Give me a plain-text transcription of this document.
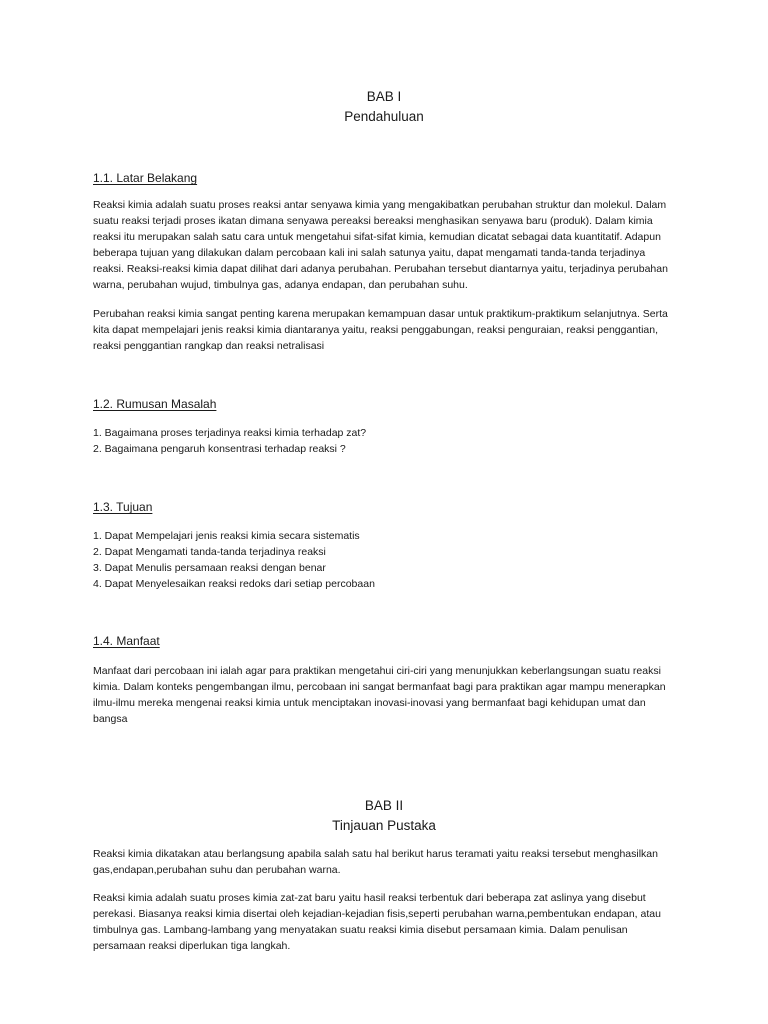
BAB I
Pendahuluan
1.1. Latar Belakang

Reaksi kimia adalah suatu proses reaksi antar senyawa kimia yang mengakibatkan perubahan struktur dan molekul. Dalam suatu reaksi terjadi proses ikatan dimana senyawa pereaksi bereaksi menghasikan senyawa baru (produk). Dalam kimia reaksi itu merupakan salah satu cara untuk mengetahui sifat-sifat kimia, kemudian dicatat sebagai data kuantitatif. Adapun beberapa tujuan yang dilakukan dalam percobaan kali ini salah satunya yaitu, dapat mengamati tanda-tanda terjadinya reaksi. Reaksi-reaksi kimia dapat dilihat dari adanya perubahan. Perubahan tersebut diantarnya yaitu, terjadinya perubahan warna, perubahan wujud, timbulnya gas, adanya endapan, dan perubahan suhu.

Perubahan reaksi kimia sangat penting karena merupakan kemampuan dasar untuk praktikum-praktikum selanjutnya. Serta kita dapat mempelajari jenis reaksi kimia diantaranya yaitu, reaksi penggabungan, reaksi penguraian, reaksi penggantian, reaksi penggantian rangkap dan reaksi netralisasi

1.2. Rumusan Masalah
1. Bagaimana proses terjadinya reaksi kimia terhadap zat?
2. Bagaimana pengaruh konsentrasi terhadap reaksi ?
1.3. Tujuan
1. Dapat Mempelajari jenis reaksi kimia secara sistematis
2. Dapat Mengamati tanda-tanda terjadinya reaksi
3. Dapat Menulis persamaan reaksi dengan benar
4. Dapat Menyelesaikan reaksi redoks dari setiap percobaan
1.4. Manfaat

Manfaat dari percobaan ini ialah agar para praktikan mengetahui ciri-ciri yang menunjukkan keberlangsungan suatu reaksi kimia. Dalam konteks pengembangan ilmu, percobaan ini sangat bermanfaat bagi para praktikan agar mampu menerapkan ilmu-ilmu mereka mengenai reaksi kimia untuk menciptakan inovasi-inovasi yang bermanfaat bagi kehidupan umat dan bangsa

BAB II
Tinjauan Pustaka

Reaksi kimia dikatakan atau berlangsung apabila salah satu hal berikut harus teramati yaitu reaksi tersebut menghasilkan gas,endapan,perubahan suhu dan perubahan warna.

Reaksi kimia adalah suatu proses kimia zat-zat baru yaitu hasil reaksi terbentuk dari beberapa zat aslinya yang disebut perekasi. Biasanya reaksi kimia disertai oleh kejadian-kejadian fisis,seperti perubahan warna,pembentukan endapan, atau timbulnya gas. Lambang-lambang yang menyatakan suatu reaksi kimia disebut persamaan kimia. Dalam penulisan persamaan reaksi diperlukan tiga langkah.
